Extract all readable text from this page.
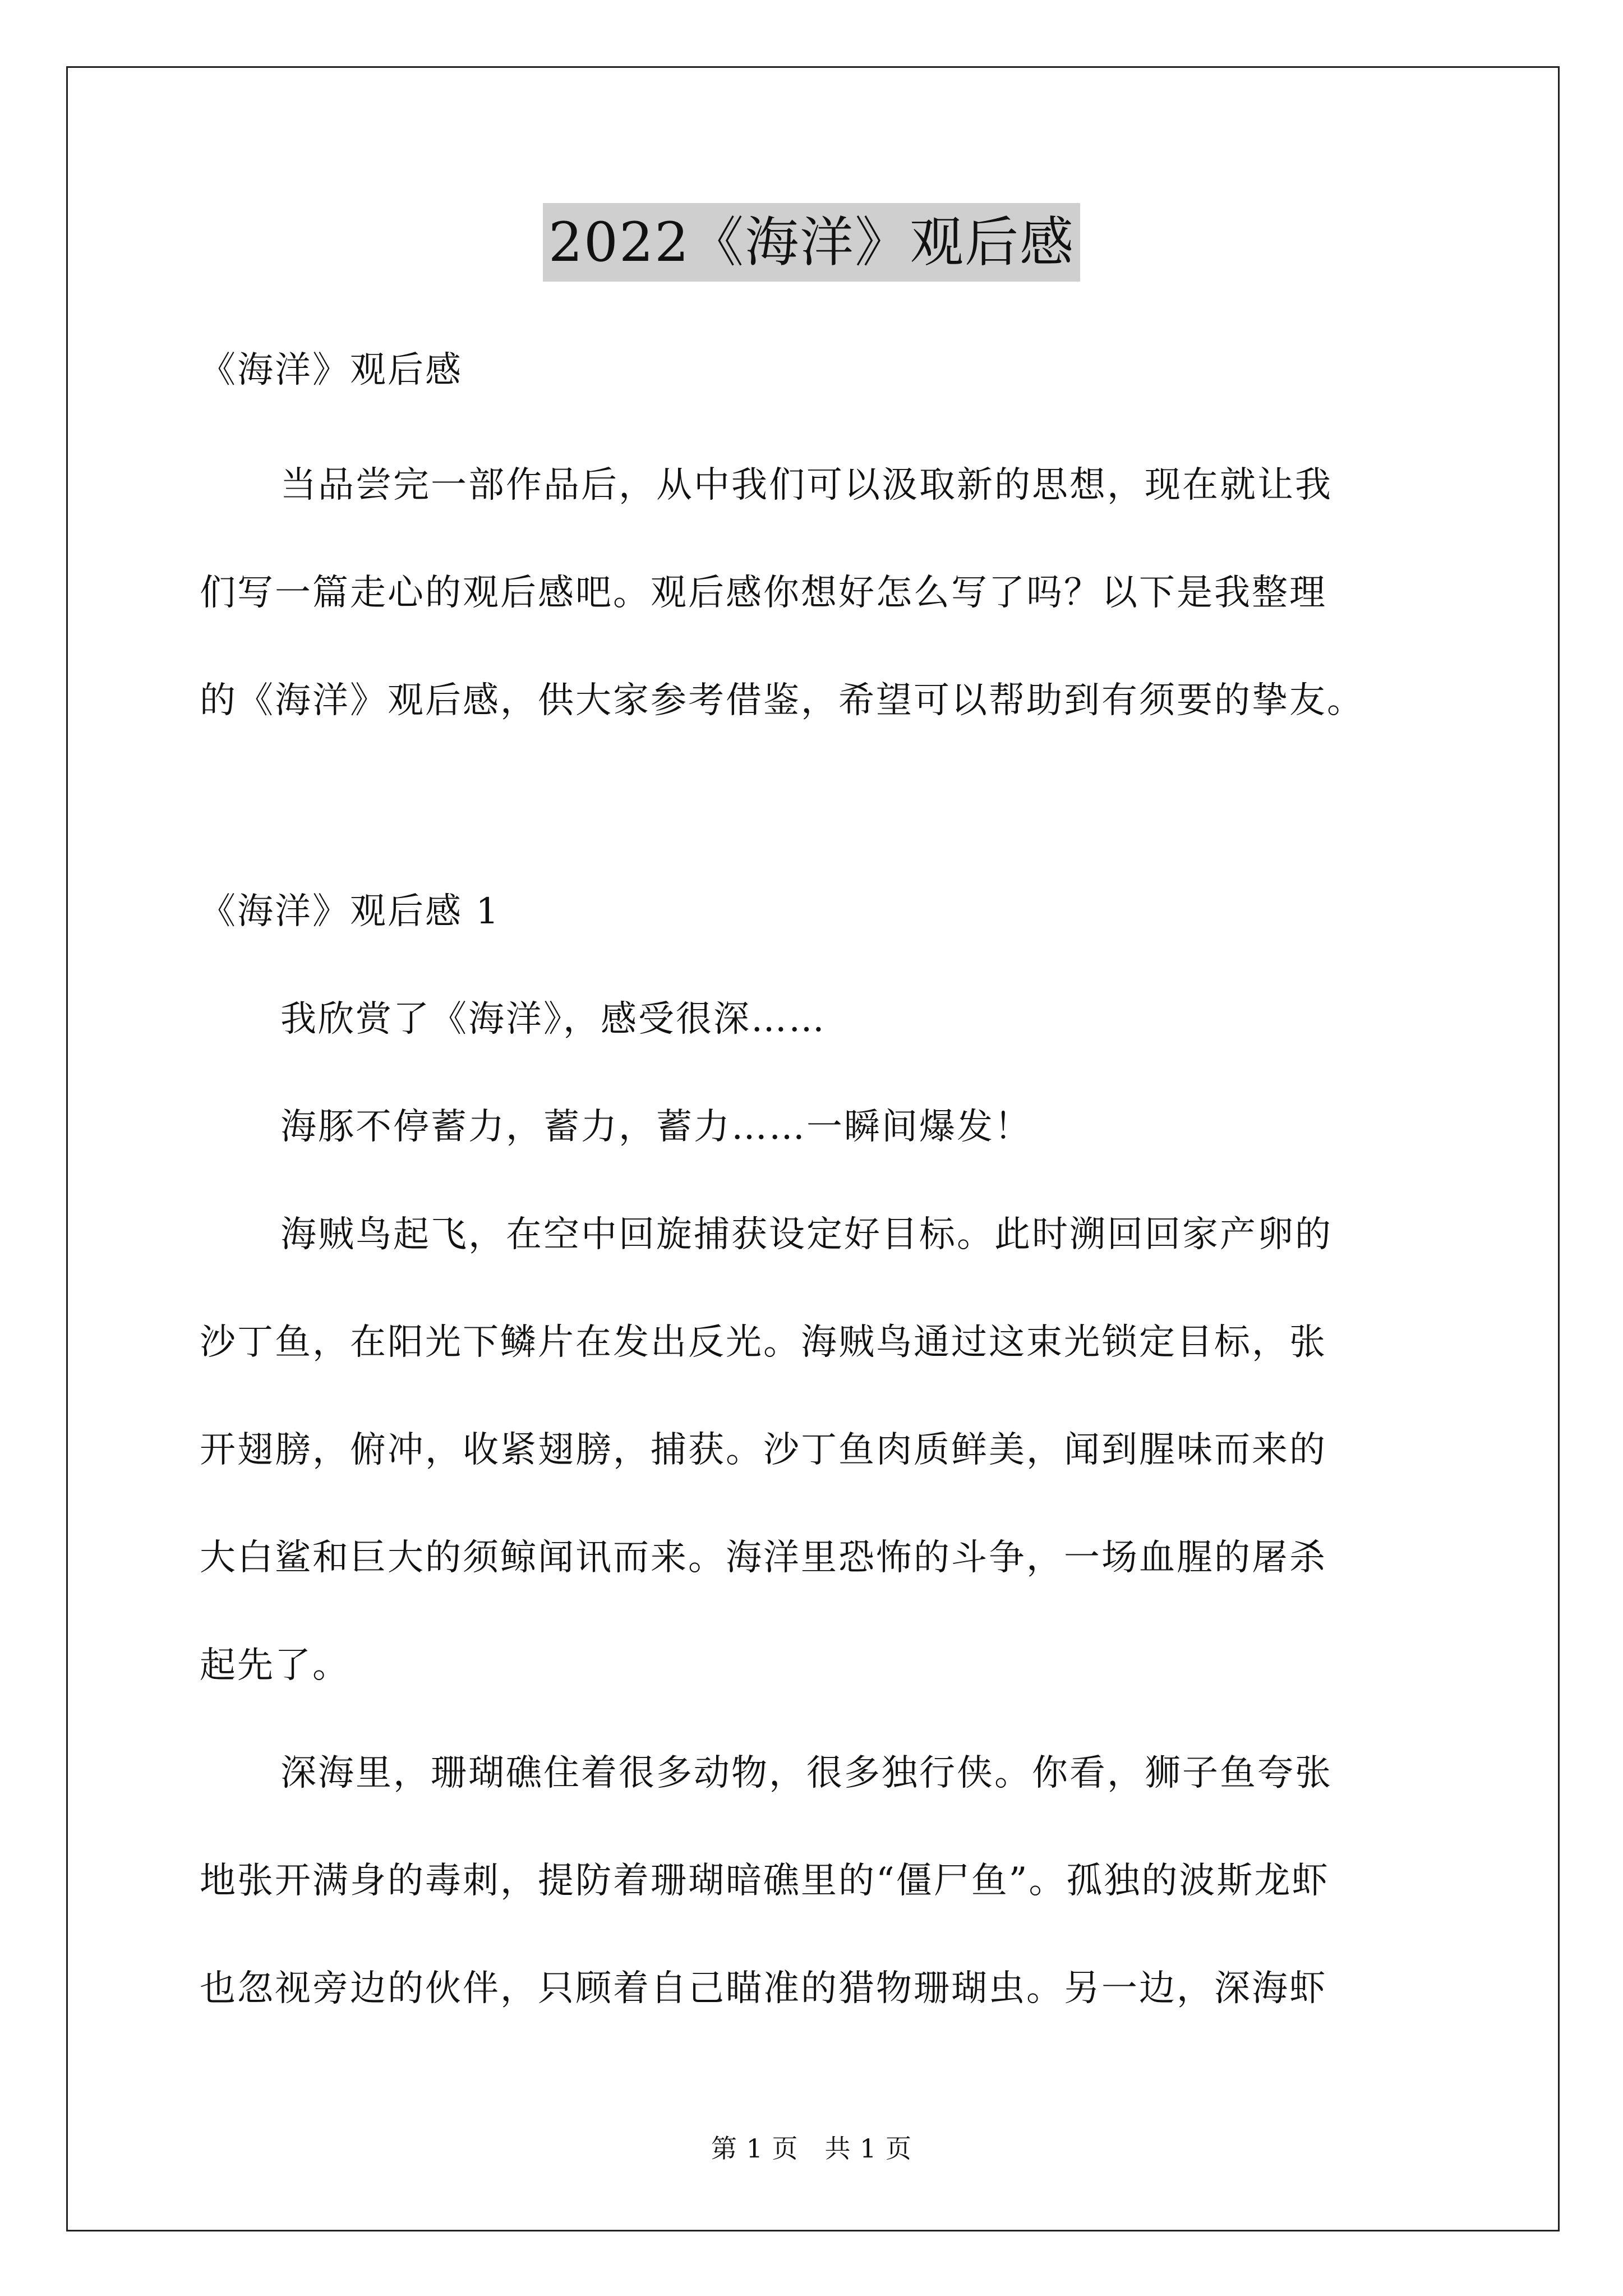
2022《海洋》观后感
《海洋》观后感
当品尝完一部作品后，从中我们可以汲取新的思想，现在就让我
们写一篇走心的观后感吧。观后感你想好怎么写了吗？以下是我整理
的《海洋》观后感，供大家参考借鉴，希望可以帮助到有须要的挚友。
《海洋》观后感 1
我欣赏了《海洋》，感受很深……
海豚不停蓄力，蓄力，蓄力……一瞬间爆发！
海贼鸟起飞，在空中回旋捕获设定好目标。此时溯回回家产卵的
沙丁鱼，在阳光下鳞片在发出反光。海贼鸟通过这束光锁定目标，张
开翅膀，俯冲，收紧翅膀，捕获。沙丁鱼肉质鲜美，闻到腥味而来的
大白鲨和巨大的须鲸闻讯而来。海洋里恐怖的斗争，一场血腥的屠杀
起先了。
深海里，珊瑚礁住着很多动物，很多独行侠。你看，狮子鱼夸张
地张开满身的毒刺，提防着珊瑚暗礁里的“僵尸鱼”。孤独的波斯龙虾
也忽视旁边的伙伴，只顾着自己瞄准的猎物珊瑚虫。另一边，深海虾
第 1 页　共 1 页
